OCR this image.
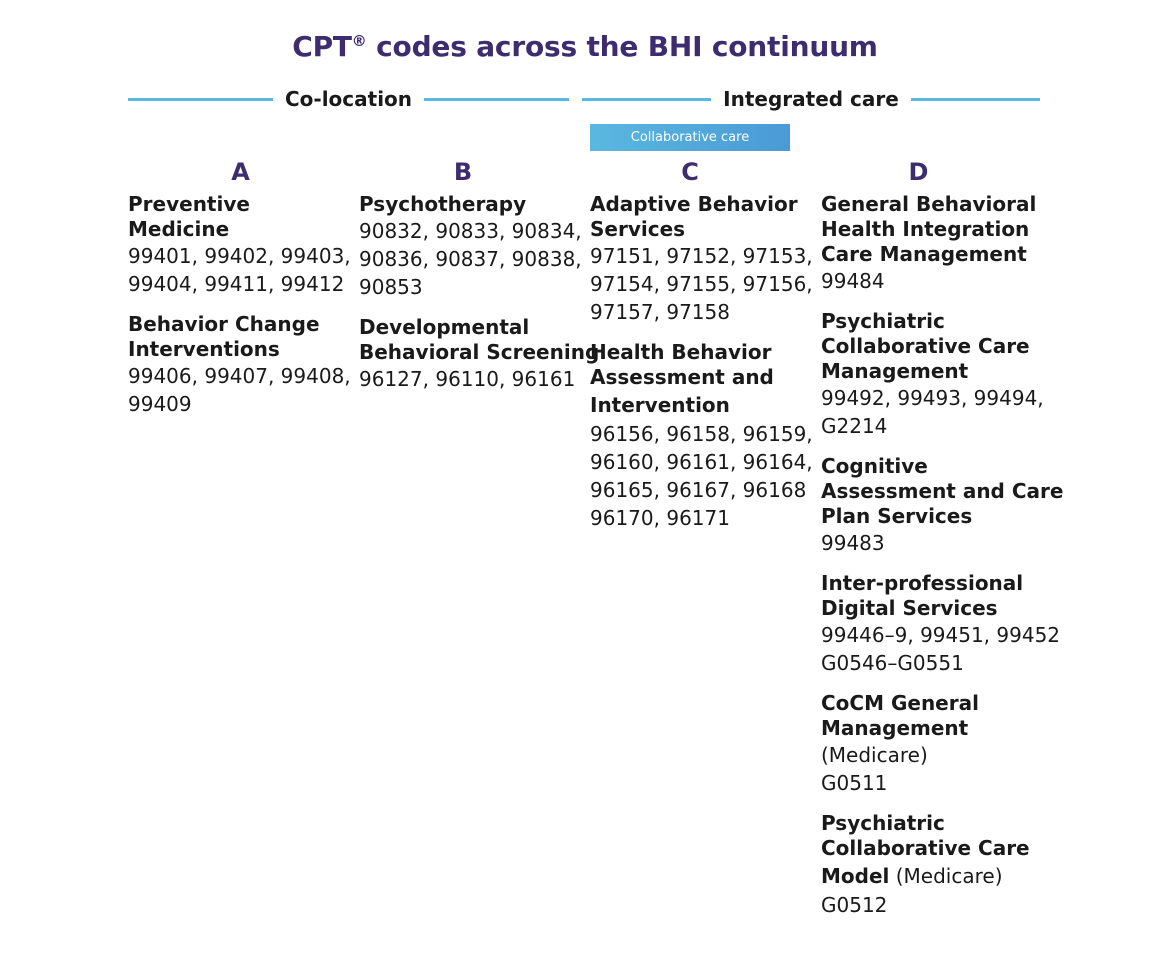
CPT® codes across the BHI continuum
Co-location	Integrated care
Collaborative care
A
Preventive Medicine
99401, 99402, 99403,
99404, 99411, 99412
Behavior Change
Interventions
99406, 99407, 99408,
99409
B
Psychotherapy
90832, 90833, 90834,
90836, 90837, 90838,
90853
Developmental
Behavioral Screening
96127, 96110, 96161
C
Adaptive Behavior
Services
97151, 97152, 97153,
97154, 97155, 97156,
97157, 97158
Health Behavior
Assessment and
Intervention
96156, 96158, 96159,
96160, 96161, 96164,
96165, 96167, 96168
96170, 96171
D
General Behavioral
Health Integration
Care Management
99484
Psychiatric
Collaborative Care
Management
99492, 99493, 99494,
G2214
Cognitive
Assessment and Care
Plan Services
99483
Inter-professional
Digital Services
99446–9, 99451, 99452
G0546–G0551
CoCM General
Management
(Medicare)
G0511
Psychiatric
Collaborative Care
Model (Medicare)
G0512
